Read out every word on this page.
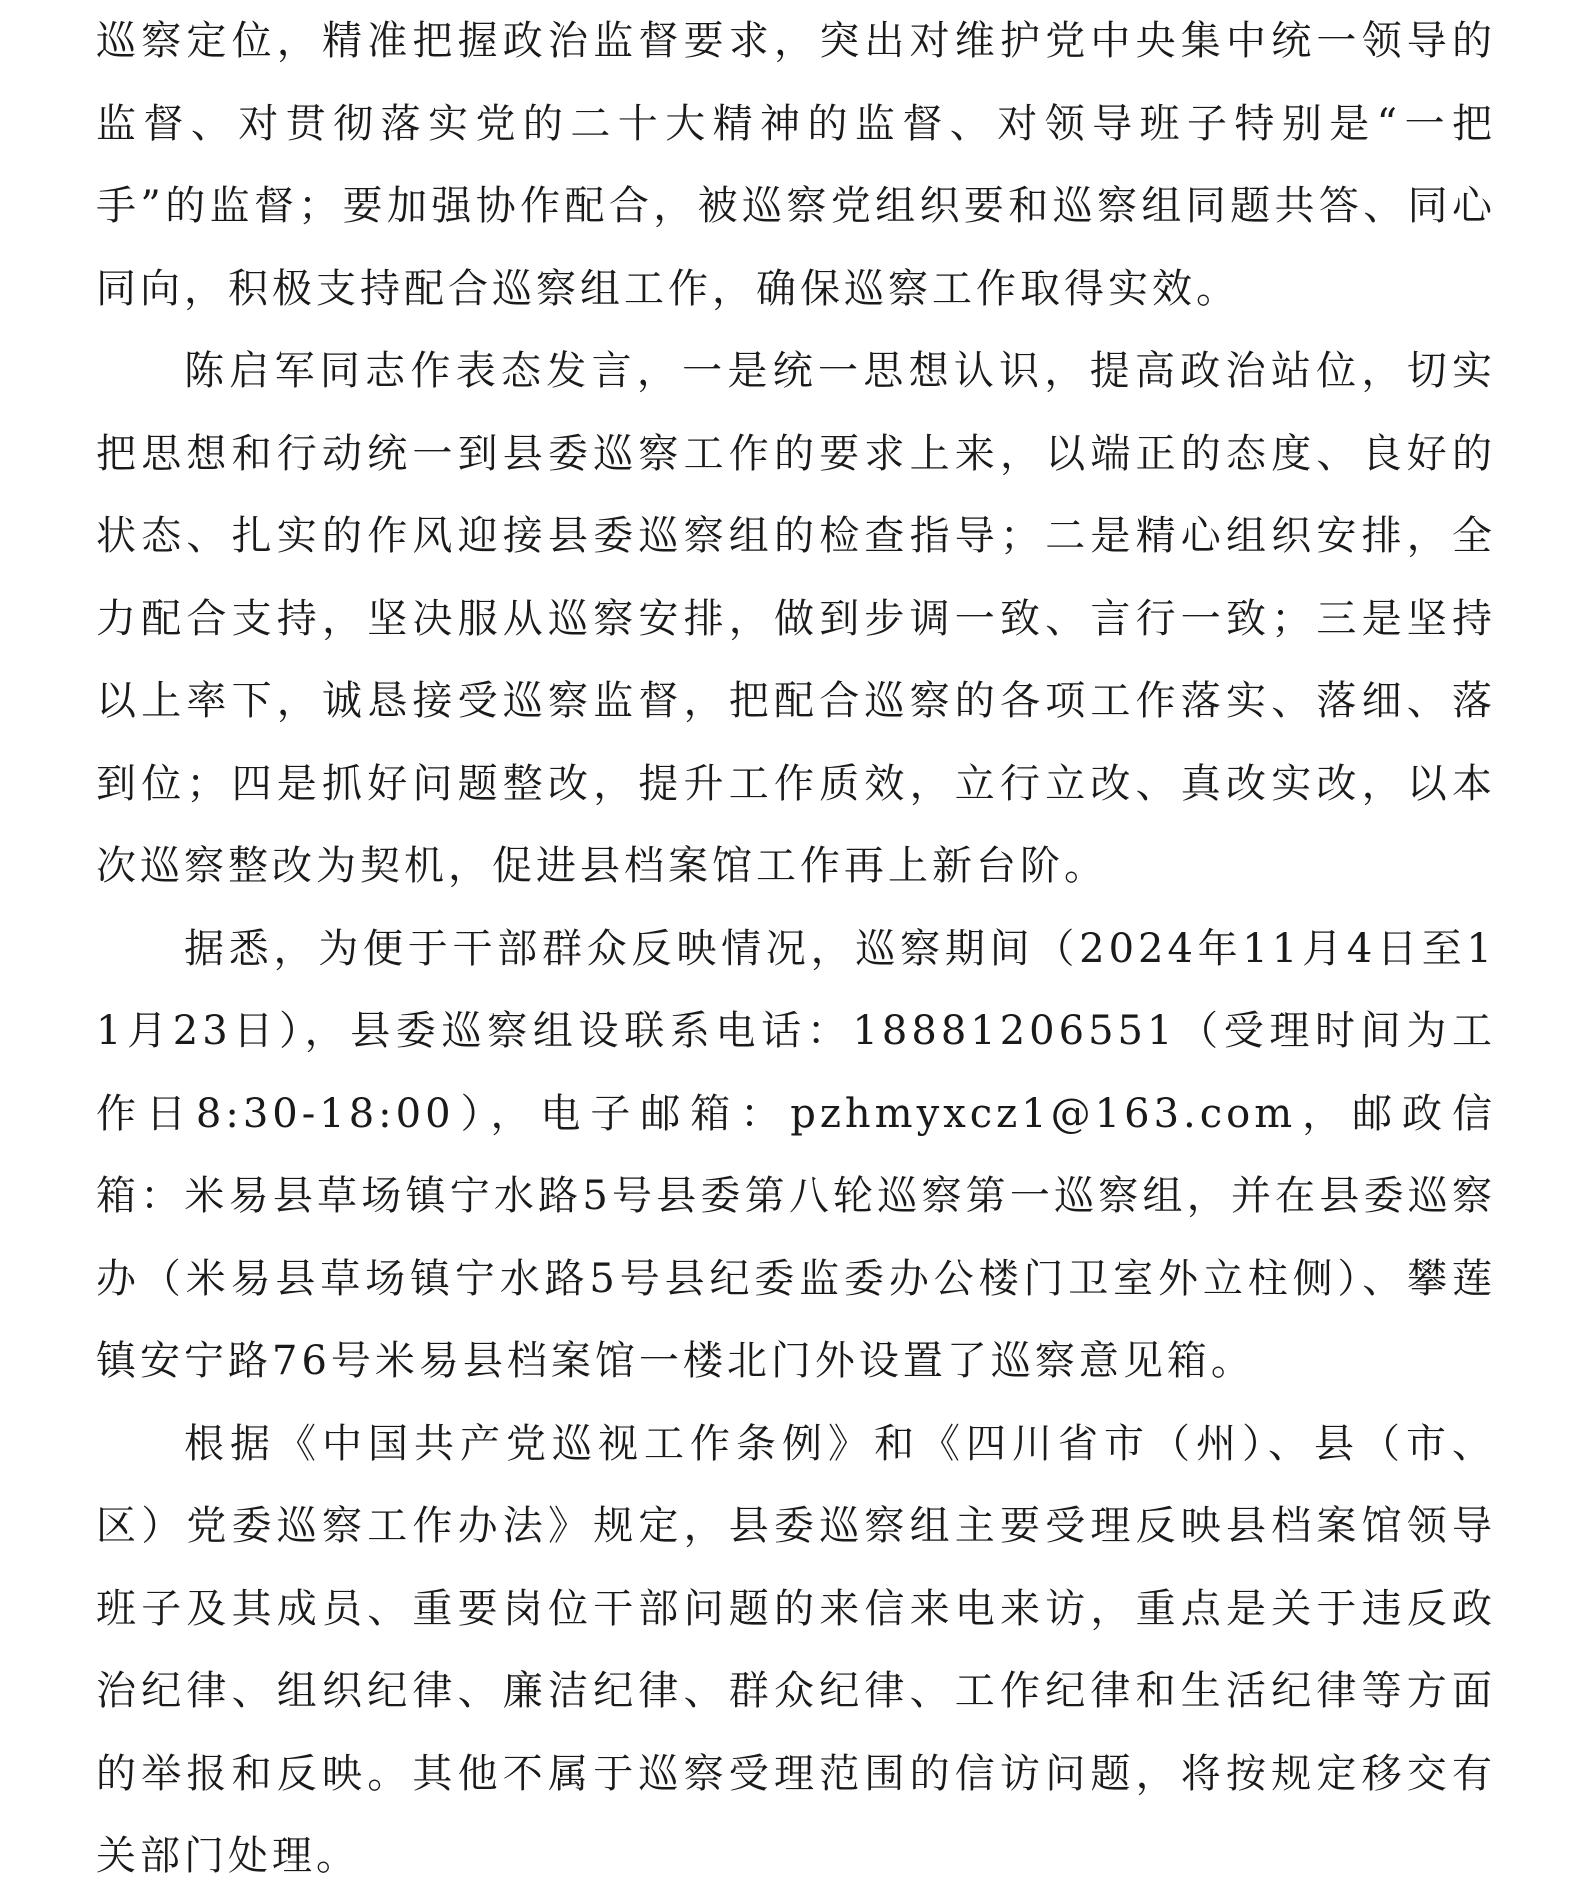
巡察定位，精准把握政治监督要求，突出对维护党中央集中统一领导的监督、对贯彻落实党的二十大精神的监督、对领导班子特别是“一把手”的监督；要加强协作配合，被巡察党组织要和巡察组同题共答、同心同向，积极支持配合巡察组工作，确保巡察工作取得实效。

陈启军同志作表态发言，一是统一思想认识，提高政治站位，切实把思想和行动统一到县委巡察工作的要求上来，以端正的态度、良好的状态、扎实的作风迎接县委巡察组的检查指导；二是精心组织安排，全力配合支持，坚决服从巡察安排，做到步调一致、言行一致；三是坚持以上率下，诚恳接受巡察监督，把配合巡察的各项工作落实、落细、落到位；四是抓好问题整改，提升工作质效，立行立改、真改实改，以本次巡察整改为契机，促进县档案馆工作再上新台阶。

据悉，为便于干部群众反映情况，巡察期间（2024年11月4日至11月23日），县委巡察组设联系电话：18881206551（受理时间为工作日8:30-18:00），电子邮箱：pzhmyxcz1@163.com，邮政信箱：米易县草场镇宁水路5号县委第八轮巡察第一巡察组，并在县委巡察办（米易县草场镇宁水路5号县纪委监委办公楼门卫室外立柱侧）、攀莲镇安宁路76号米易县档案馆一楼北门外设置了巡察意见箱。

根据《中国共产党巡视工作条例》和《四川省市（州）、县（市、区）党委巡察工作办法》规定，县委巡察组主要受理反映县档案馆领导班子及其成员、重要岗位干部问题的来信来电来访，重点是关于违反政治纪律、组织纪律、廉洁纪律、群众纪律、工作纪律和生活纪律等方面的举报和反映。其他不属于巡察受理范围的信访问题，将按规定移交有关部门处理。
